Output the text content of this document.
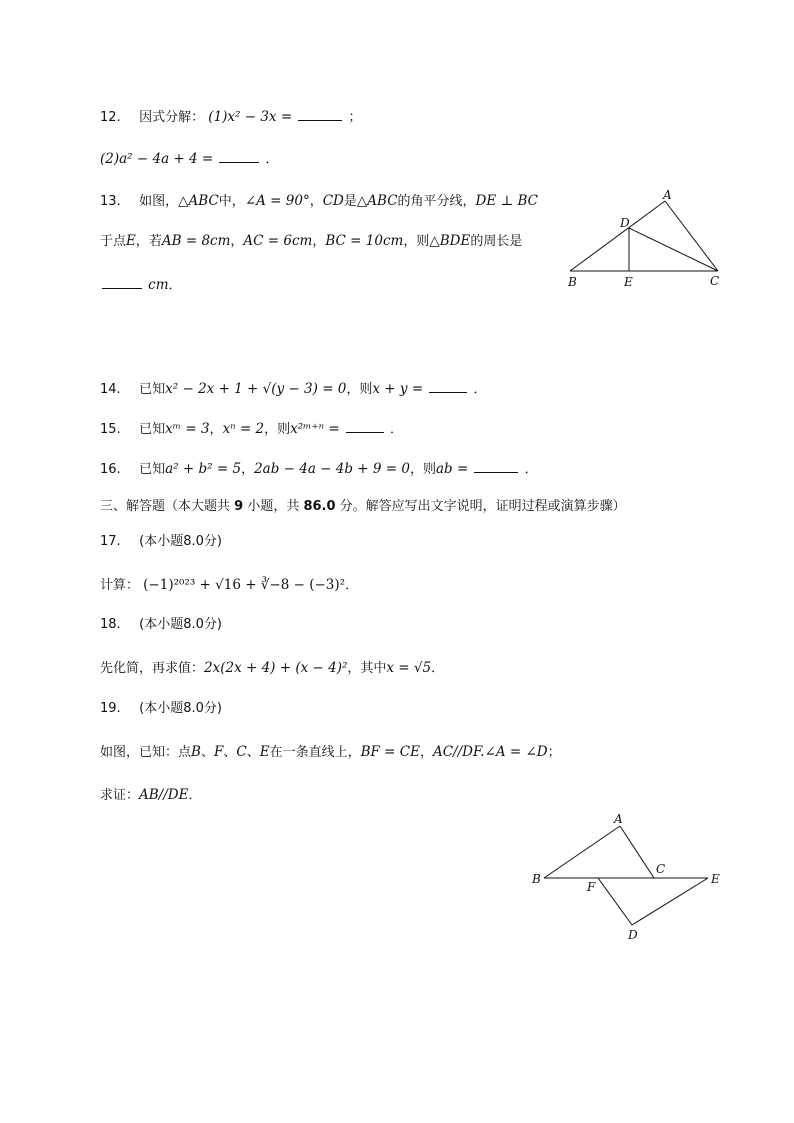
12. 因式分解： (1)x² − 3x =	；
(2)a² − 4a + 4 =	．
13. 如图，△ABC中，∠A = 90°，CD是△ABC的角平分线，DE ⊥ BC
于点E，若AB = 8cm，AC = 6cm，BC = 10cm，则△BDE的周长是
cm．
A
D
B	E	C
14. 已知x² − 2x + 1 + √(y − 3) = 0，则x + y =	．
15. 已知xᵐ = 3，xⁿ = 2，则x²ᵐ⁺ⁿ =	．
16. 已知a² + b² = 5，2ab − 4a − 4b + 9 = 0，则ab =	．
三、解答题（本大题共 9 小题，共 86.0 分。解答应写出文字说明，证明过程或演算步骤）
17. (本小题8.0分)
计算： (−1)²⁰²³ + √16 + ∛−8 − (−3)²．
18. (本小题8.0分)
先化简，再求值：2x(2x + 4) + (x − 4)²，其中x = √5．
19. (本小题8.0分)
如图，已知：点B、F、C、E在一条直线上，BF = CE，AC//DF.∠A = ∠D；
求证：AB//DE．
A
B
C
F
E
D
